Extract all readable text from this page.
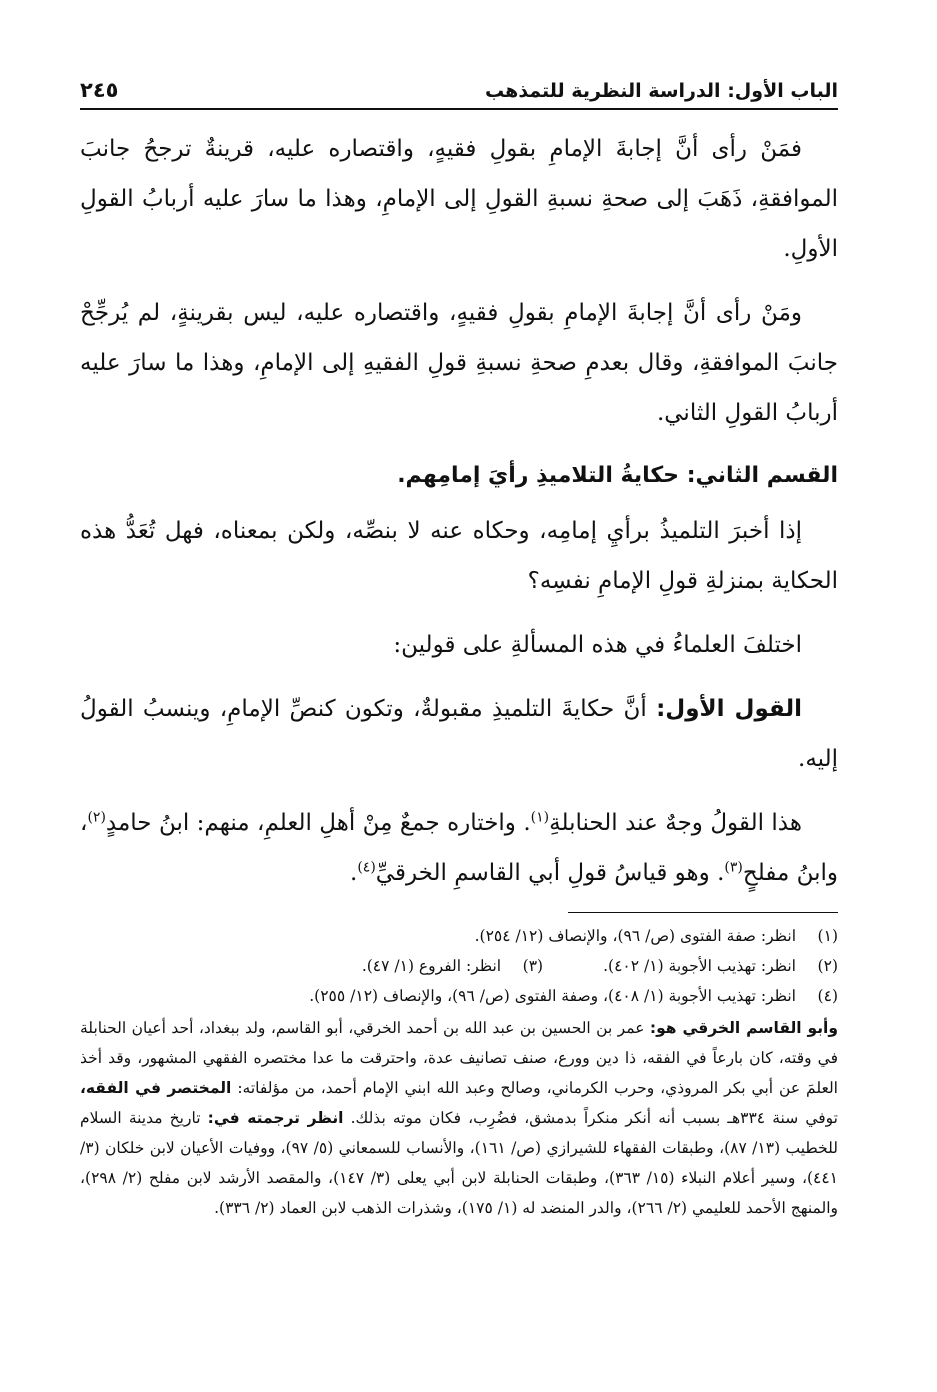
الباب الأول: الدراسة النظرية للتمذهب
٢٤٥

فمَنْ رأى أنَّ إجابةَ الإمامِ بقولِ فقيهٍ، واقتصاره عليه، قرينةٌ ترجحُ جانبَ الموافقةِ، ذَهَبَ إلى صحةِ نسبةِ القولِ إلى الإمامِ، وهذا ما سارَ عليه أربابُ القولِ الأولِ.

ومَنْ رأى أنَّ إجابةَ الإمامِ بقولِ فقيهٍ، واقتصاره عليه، ليس بقرينةٍ، لم يُرجِّحْ جانبَ الموافقةِ، وقال بعدمِ صحةِ نسبةِ قولِ الفقيهِ إلى الإمامِ، وهذا ما سارَ عليه أربابُ القولِ الثاني.

القسم الثاني: حكايةُ التلاميذِ رأيَ إمامِهم.

إذا أخبرَ التلميذُ برأيِ إمامِه، وحكاه عنه لا بنصِّه، ولكن بمعناه، فهل تُعَدُّ هذه الحكاية بمنزلةِ قولِ الإمامِ نفسِه؟

اختلفَ العلماءُ في هذه المسألةِ على قولين:

القول الأول: أنَّ حكايةَ التلميذِ مقبولةٌ، وتكون كنصِّ الإمامِ، وينسبُ القولُ إليه.

هذا القولُ وجهٌ عند الحنابلةِ$^{(١)}$. واختاره جمعٌ مِنْ أهلِ العلمِ، منهم: ابنُ حامدٍ$^{(٢)}$، وابنُ مفلحٍ$^{(٣)}$. وهو قياسُ قولِ أبي القاسمِ الخرقيِّ$^{(٤)}$.

(١)
انظر: صفة الفتوى (ص/ ٩٦)، والإنصاف (١٢/ ٢٥٤).
(٢)
انظر: تهذيب الأجوبة (١/ ٤٠٢).
(٣)
انظر: الفروع (١/ ٤٧).
(٤)
انظر: تهذيب الأجوبة (١/ ٤٠٨)، وصفة الفتوى (ص/ ٩٦)، والإنصاف (١٢/ ٢٥٥).
وأبو القاسم الخرقي هو: عمر بن الحسين بن عبد الله بن أحمد الخرقي، أبو القاسم، ولد ببغداد، أحد أعيان الحنابلة في وقته، كان بارعاً في الفقه، ذا دين وورع، صنف تصانيف عدة، واحترقت ما عدا مختصره الفقهي المشهور، وقد أخذ العلمَ عن أبي بكر المروذي، وحرب الكرماني، وصالح وعبد الله ابني الإمام أحمد، من مؤلفاته: المختصر في الفقه، توفي سنة ٣٣٤هـ بسبب أنه أنكر منكراً بدمشق، فضُرِب، فكان موته بذلك. انظر ترجمته في: تاريخ مدينة السلام للخطيب (١٣/ ٨٧)، وطبقات الفقهاء للشيرازي (ص/ ١٦١)، والأنساب للسمعاني (٥/ ٩٧)، ووفيات الأعيان لابن خلكان (٣/ ٤٤١)، وسير أعلام النبلاء (١٥/ ٣٦٣)، وطبقات الحنابلة لابن أبي يعلى (٣/ ١٤٧)، والمقصد الأرشد لابن مفلح (٢/ ٢٩٨)، والمنهج الأحمد للعليمي (٢/ ٢٦٦)، والدر المنضد له (١/ ١٧٥)، وشذرات الذهب لابن العماد (٢/ ٣٣٦).
